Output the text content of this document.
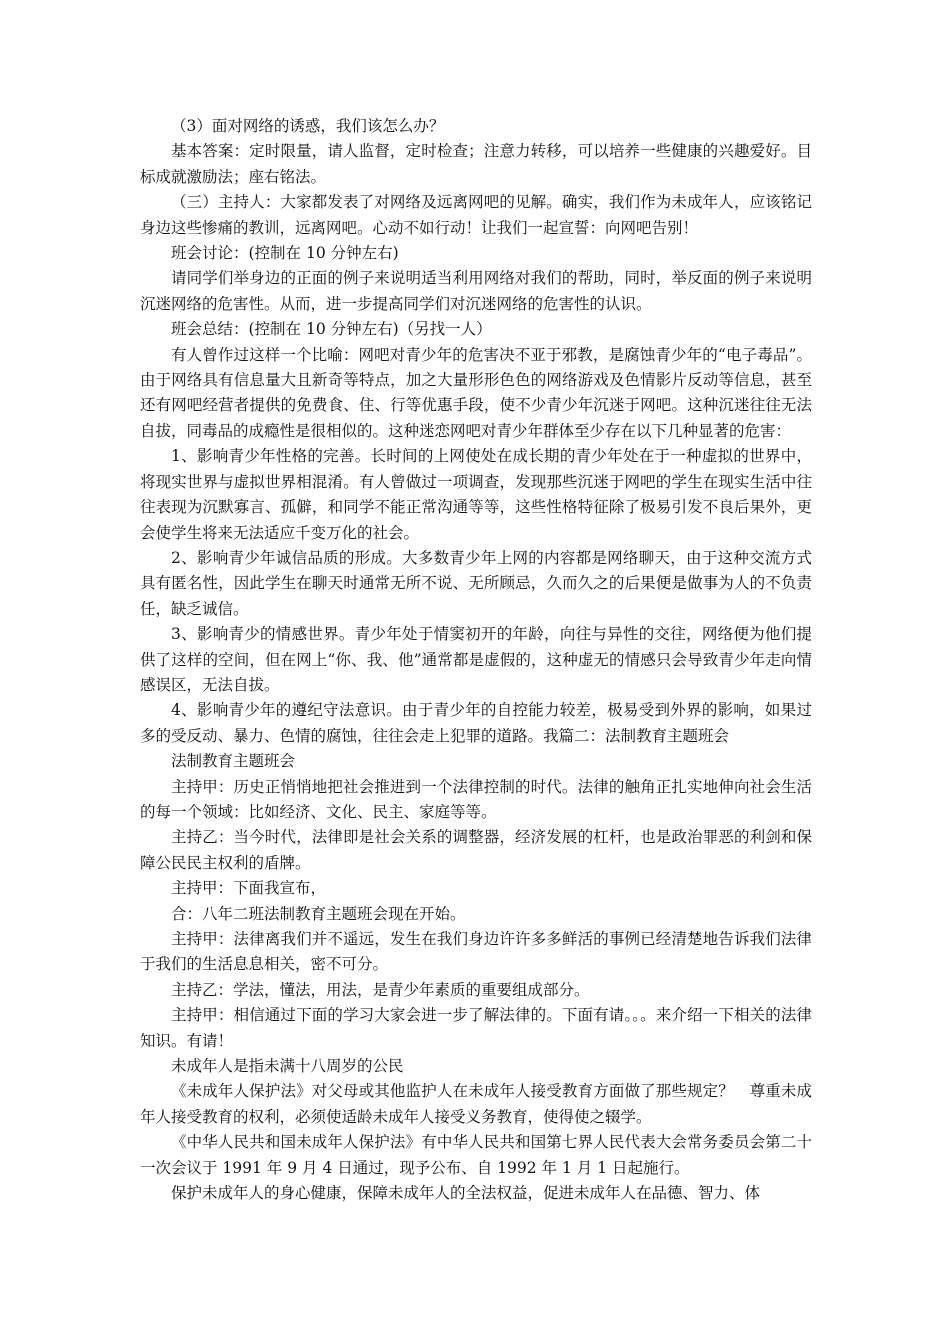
（3）面对网络的诱惑，我们该怎么办？

基本答案：定时限量，请人监督，定时检查；注意力转移，可以培养一些健康的兴趣爱好。目标成就激励法；座右铭法。

（三）主持人：大家都发表了对网络及远离网吧的见解。确实，我们作为未成年人，应该铭记身边这些惨痛的教训，远离网吧。心动不如行动！让我们一起宣誓：向网吧告别！

班会讨论：(控制在 10 分钟左右)

请同学们举身边的正面的例子来说明适当利用网络对我们的帮助，同时，举反面的例子来说明沉迷网络的危害性。从而，进一步提高同学们对沉迷网络的危害性的认识。

班会总结：(控制在 10 分钟左右)（另找一人）

有人曾作过这样一个比喻：网吧对青少年的危害决不亚于邪教，是腐蚀青少年的“电子毒品”。由于网络具有信息量大且新奇等特点，加之大量形形色色的网络游戏及色情影片反动等信息，甚至还有网吧经营者提供的免费食、住、行等优惠手段，使不少青少年沉迷于网吧。这种沉迷往往无法自拔，同毒品的成瘾性是很相似的。这种迷恋网吧对青少年群体至少存在以下几种显著的危害：

1、影响青少年性格的完善。长时间的上网使处在成长期的青少年处在于一种虚拟的世界中，将现实世界与虚拟世界相混淆。有人曾做过一项调查，发现那些沉迷于网吧的学生在现实生活中往往表现为沉默寡言、孤僻，和同学不能正常沟通等等，这些性格特征除了极易引发不良后果外，更会使学生将来无法适应千变万化的社会。

2、影响青少年诚信品质的形成。大多数青少年上网的内容都是网络聊天，由于这种交流方式具有匿名性，因此学生在聊天时通常无所不说、无所顾忌，久而久之的后果便是做事为人的不负责任，缺乏诚信。

3、影响青少的情感世界。青少年处于情窦初开的年龄，向往与异性的交往，网络便为他们提供了这样的空间，但在网上“你、我、他”通常都是虚假的，这种虚无的情感只会导致青少年走向情感误区，无法自拔。

4、影响青少年的遵纪守法意识。由于青少年的自控能力较差，极易受到外界的影响，如果过多的受反动、暴力、色情的腐蚀，往往会走上犯罪的道路。我篇二：法制教育主题班会

法制教育主题班会

主持甲：历史正悄悄地把社会推进到一个法律控制的时代。法律的触角正扎实地伸向社会生活的每一个领域：比如经济、文化、民主、家庭等等。

主持乙：当今时代，法律即是社会关系的调整器，经济发展的杠杆，也是政治罪恶的利剑和保障公民民主权利的盾牌。

主持甲：下面我宣布，

合：八年二班法制教育主题班会现在开始。

主持甲：法律离我们并不遥远，发生在我们身边许许多多鲜活的事例已经清楚地告诉我们法律于我们的生活息息相关，密不可分。

主持乙：学法，懂法，用法，是青少年素质的重要组成部分。

主持甲：相信通过下面的学习大家会进一步了解法律的。下面有请。。。来介绍一下相关的法律知识。有请！

未成年人是指未满十八周岁的公民

《未成年人保护法》对父母或其他监护人在未成年人接受教育方面做了那些规定？　尊重未成年人接受教育的权利，必须使适龄未成年人接受义务教育，使得使之辍学。

《中华人民共和国未成年人保护法》有中华人民共和国第七界人民代表大会常务委员会第二十一次会议于 1991 年 9 月 4 日通过，现予公布、自 1992 年 1 月 1 日起施行。

保护未成年人的身心健康，保障未成年人的全法权益，促进未成年人在品德、智力、体
